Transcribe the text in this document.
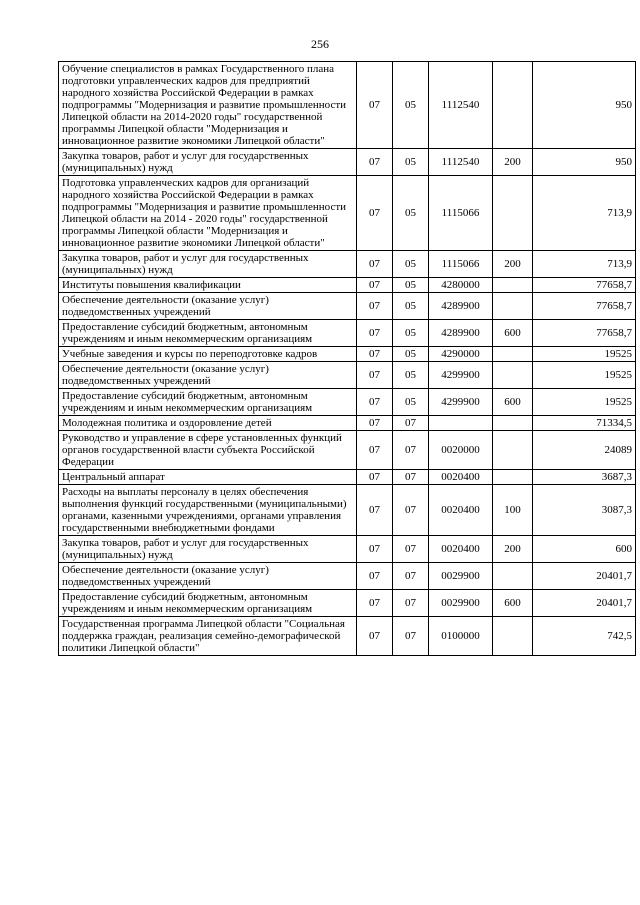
256
Обучение специалистов в рамках Государственного плана подготовки управленческих кадров для предприятий народного хозяйства Российской Федерации в рамках подпрограммы "Модернизация и развитие промышленности Липецкой области на 2014-2020 годы" государственной программы Липецкой области "Модернизация и инновационное развитие экономики Липецкой области"	07	05	1112540		950
Закупка товаров, работ и услуг для государственных (муниципальных) нужд	07	05	1112540	200	950
Подготовка управленческих кадров для организаций народного хозяйства Российской Федерации в рамках подпрограммы "Модернизация и развитие промышленности Липецкой области на 2014 - 2020 годы" государственной программы Липецкой области "Модернизация и инновационное развитие экономики Липецкой области"	07	05	1115066		713,9
Закупка товаров, работ и услуг для государственных (муниципальных) нужд	07	05	1115066	200	713,9
Институты повышения квалификации	07	05	4280000		77658,7
Обеспечение деятельности (оказание услуг) подведомственных учреждений	07	05	4289900		77658,7
Предоставление субсидий бюджетным, автономным учреждениям и иным некоммерческим организациям	07	05	4289900	600	77658,7
Учебные заведения и курсы по переподготовке кадров	07	05	4290000		19525
Обеспечение деятельности (оказание услуг) подведомственных учреждений	07	05	4299900		19525
Предоставление субсидий бюджетным, автономным учреждениям и иным некоммерческим организациям	07	05	4299900	600	19525
Молодежная политика и оздоровление детей	07	07			71334,5
Руководство и управление в сфере установленных функций органов государственной власти субъекта Российской Федерации	07	07	0020000		24089
Центральный аппарат	07	07	0020400		3687,3
Расходы на выплаты персоналу в целях обеспечения выполнения функций государственными (муниципальными) органами, казенными учреждениями, органами управления государственными внебюджетными фондами	07	07	0020400	100	3087,3
Закупка товаров, работ и услуг для государственных (муниципальных) нужд	07	07	0020400	200	600
Обеспечение деятельности (оказание услуг) подведомственных учреждений	07	07	0029900		20401,7
Предоставление субсидий бюджетным, автономным учреждениям и иным некоммерческим организациям	07	07	0029900	600	20401,7
Государственная программа Липецкой области "Социальная поддержка граждан, реализация семейно-демографической политики Липецкой области"	07	07	0100000		742,5
